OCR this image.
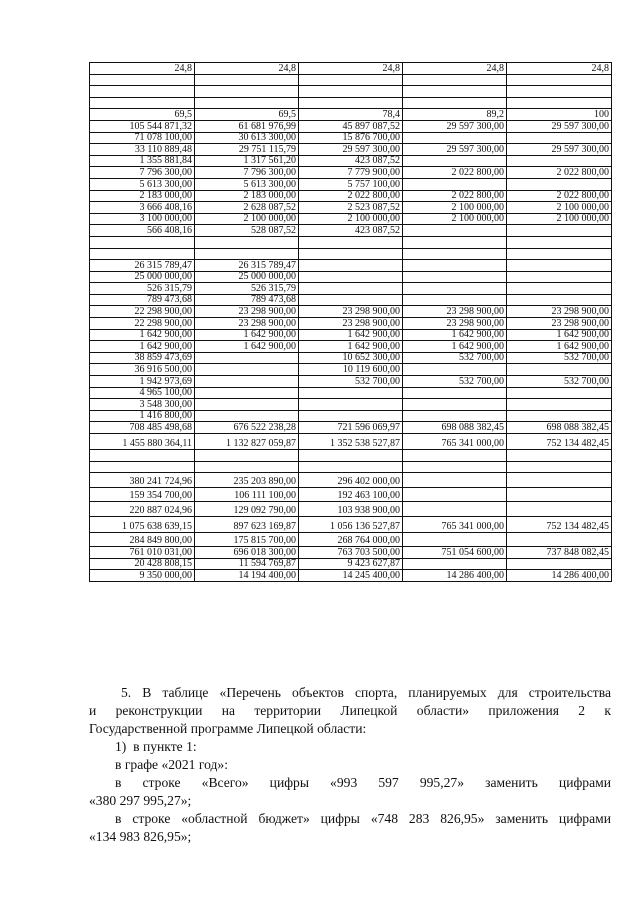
24,8	24,8	24,8	24,8	24,8

69,5	69,5	78,4	89,2	100
105 544 871,32	61 681 976,99	45 897 087,52	29 597 300,00	29 597 300,00
71 078 100,00	30 613 300,00	15 876 700,00		
33 110 889,48	29 751 115,79	29 597 300,00	29 597 300,00	29 597 300,00
1 355 881,84	1 317 561,20	423 087,52		
7 796 300,00	7 796 300,00	7 779 900,00	2 022 800,00	2 022 800,00
5 613 300,00	5 613 300,00	5 757 100,00		
2 183 000,00	2 183 000,00	2 022 800,00	2 022 800,00	2 022 800,00
3 666 408,16	2 628 087,52	2 523 087,52	2 100 000,00	2 100 000,00
3 100 000,00	2 100 000,00	2 100 000,00	2 100 000,00	2 100 000,00
566 408,16	528 087,52	423 087,52		

26 315 789,47	26 315 789,47			
25 000 000,00	25 000 000,00			
526 315,79	526 315,79			
789 473,68	789 473,68			
22 298 900,00	23 298 900,00	23 298 900,00	23 298 900,00	23 298 900,00
22 298 900,00	23 298 900,00	23 298 900,00	23 298 900,00	23 298 900,00
1 642 900,00	1 642 900,00	1 642 900,00	1 642 900,00	1 642 900,00
1 642 900,00	1 642 900,00	1 642 900,00	1 642 900,00	1 642 900,00
38 859 473,69		10 652 300,00	532 700,00	532 700,00
36 916 500,00		10 119 600,00		
1 942 973,69		532 700,00	532 700,00	532 700,00
4 965 100,00				
3 548 300,00				
1 416 800,00				
708 485 498,68	676 522 238,28	721 596 069,97	698 088 382,45	698 088 382,45
1 455 880 364,11	1 132 827 059,87	1 352 538 527,87	765 341 000,00	752 134 482,45

380 241 724,96	235 203 890,00	296 402 000,00		
159 354 700,00	106 111 100,00	192 463 100,00		
220 887 024,96	129 092 790,00	103 938 900,00		
1 075 638 639,15	897 623 169,87	1 056 136 527,87	765 341 000,00	752 134 482,45
284 849 800,00	175 815 700,00	268 764 000,00		
761 010 031,00	696 018 300,00	763 703 500,00	751 054 600,00	737 848 082,45
20 428 808,15	11 594 769,87	9 423 627,87		
9 350 000,00	14 194 400,00	14 245 400,00	14 286 400,00	14 286 400,00
5. В таблице «Перечень объектов спорта, планируемых для строительства
и реконструкции на территории Липецкой области» приложения 2 к
Государственной программе Липецкой области:
1)  в пункте 1:
в графе «2021 год»:
в строке «Всего» цифры «993 597 995,27» заменить цифрами
«380 297 995,27»;
в строке «областной бюджет» цифры «748 283 826,95» заменить цифрами
«134 983 826,95»;
